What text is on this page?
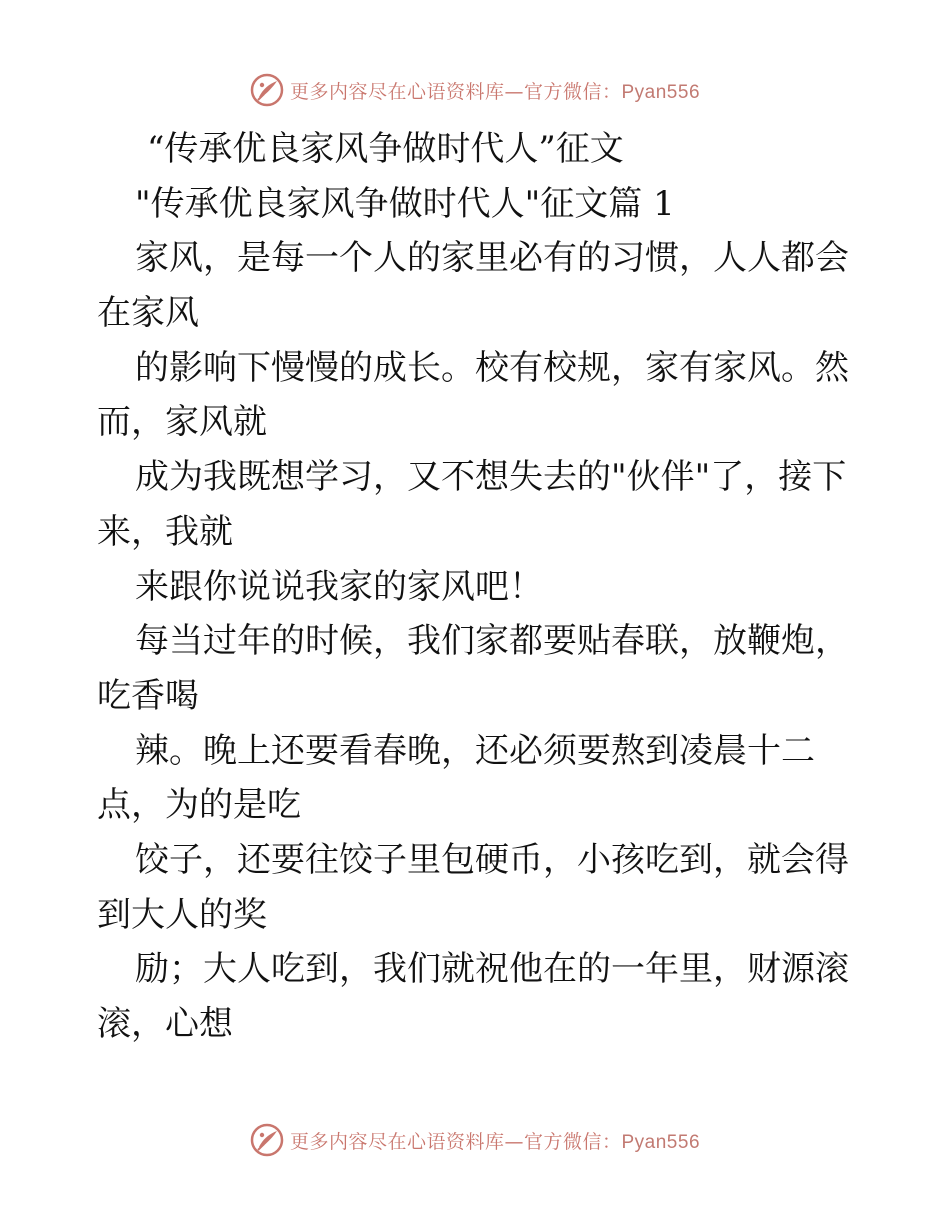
更多内容尽在心语资料库—官方微信：Pyan556
“传承优良家风争做时代人”征文
"传承优良家风争做时代人"征文篇 1
家风，是每一个人的家里必有的习惯，人人都会
在家风
的影响下慢慢的成长。校有校规，家有家风。然
而，家风就
成为我既想学习，又不想失去的"伙伴"了，接下
来，我就
来跟你说说我家的家风吧！
每当过年的时候，我们家都要贴春联，放鞭炮，
吃香喝
辣。晚上还要看春晚，还必须要熬到凌晨十二
点，为的是吃
饺子，还要往饺子里包硬币，小孩吃到，就会得
到大人的奖
励；大人吃到，我们就祝他在的一年里，财源滚
滚，心想
更多内容尽在心语资料库—官方微信：Pyan556
